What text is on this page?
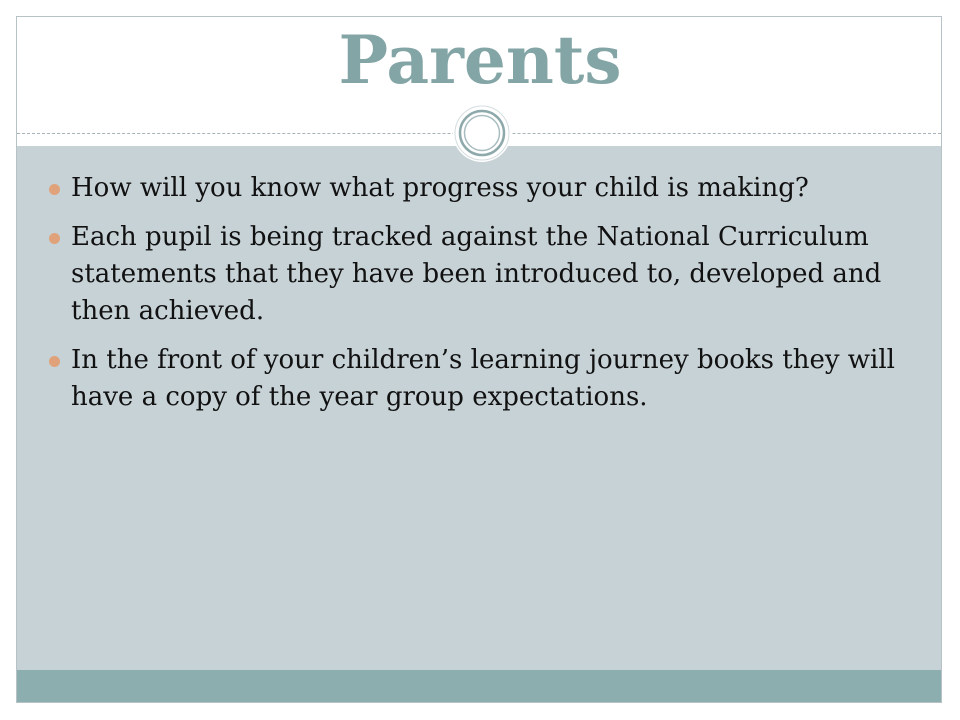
Parents
How will you know what progress your child is making?
Each pupil is being tracked against the National Curriculum statements that they have been introduced to, developed and then achieved.
In the front of your children’s learning journey books they will have a copy of the year group expectations.
